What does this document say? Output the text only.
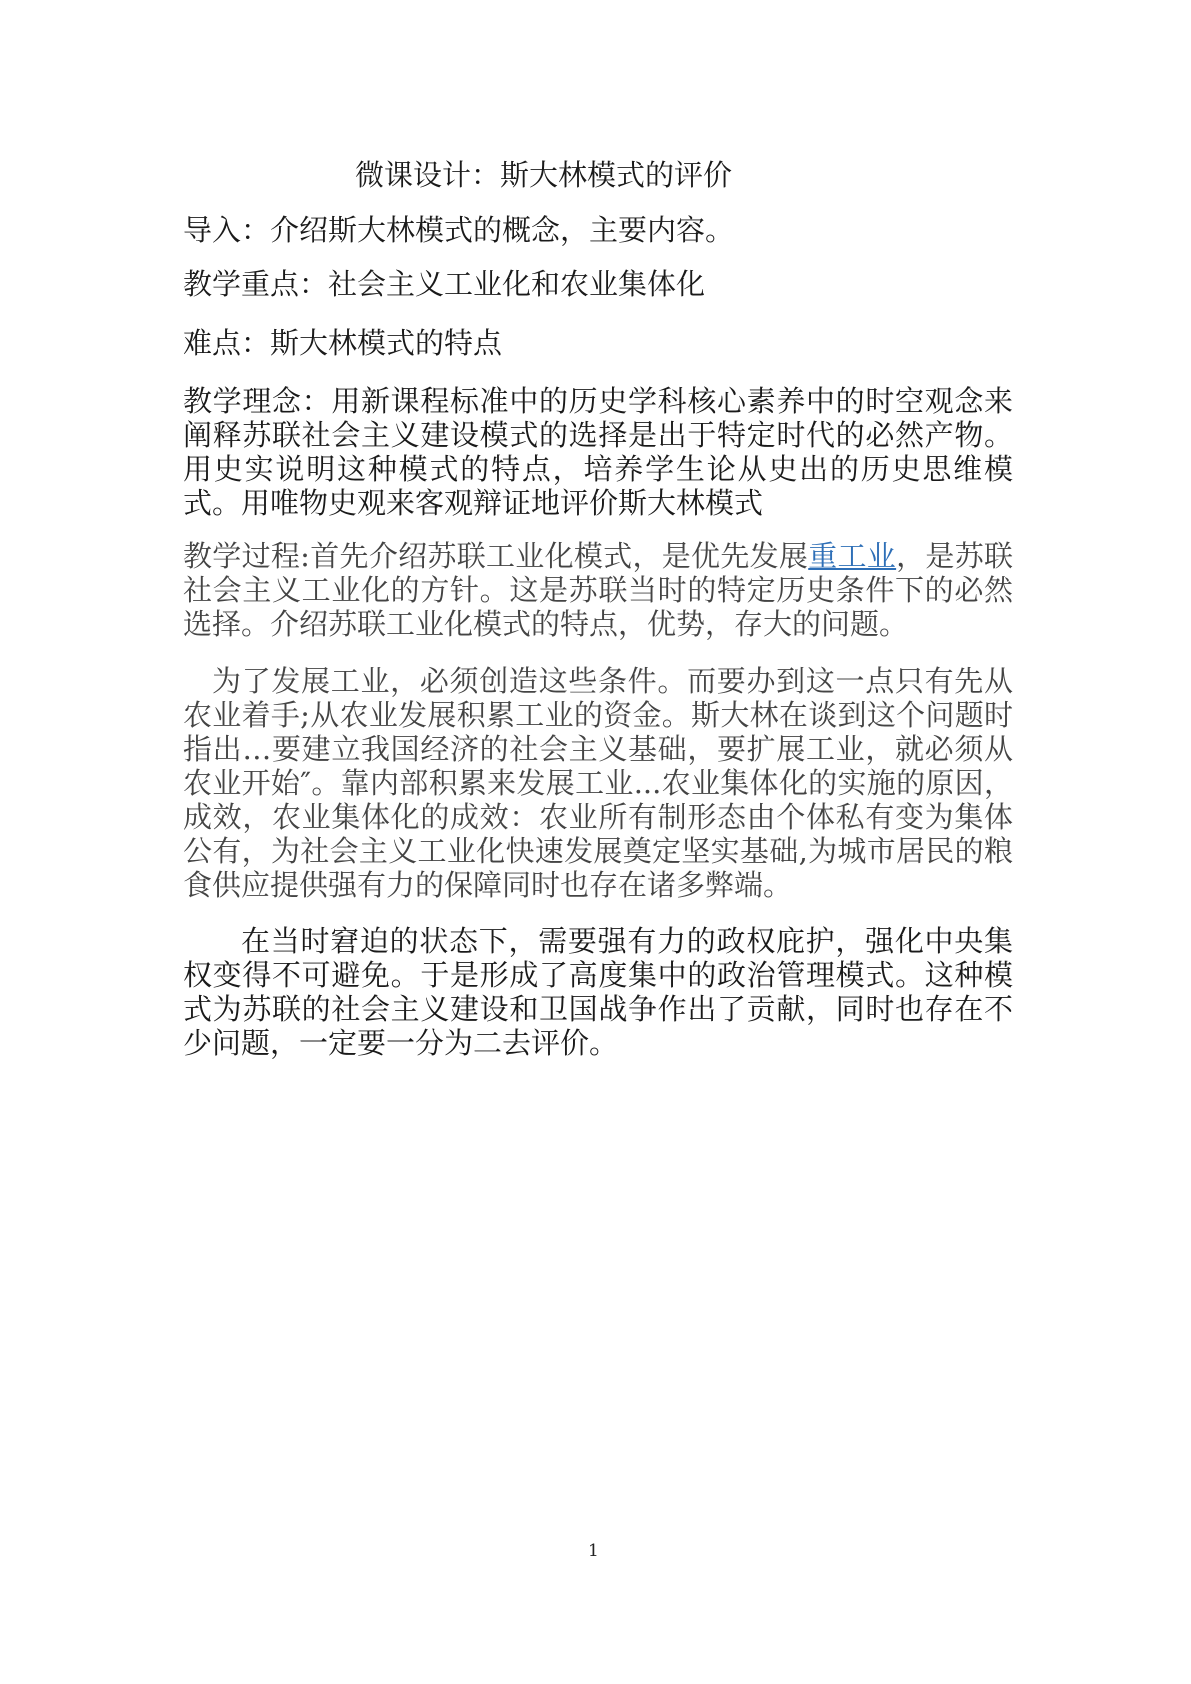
微课设计：斯大林模式的评价

导入：介绍斯大林模式的概念，主要内容。

教学重点：社会主义工业化和农业集体化

难点：斯大林模式的特点

教学理念：用新课程标准中的历史学科核心素养中的时空观念来阐释苏联社会主义建设模式的选择是出于特定时代的必然产物。用史实说明这种模式的特点，培养学生论从史出的历史思维模式。用唯物史观来客观辩证地评价斯大林模式

教学过程:首先介绍苏联工业化模式，是优先发展重工业，是苏联社会主义工业化的方针。这是苏联当时的特定历史条件下的必然选择。介绍苏联工业化模式的特点，优势，存大的问题。

为了发展工业，必须创造这些条件。而要办到这一点只有先从农业着手;从农业发展积累工业的资金。斯大林在谈到这个问题时指出…要建立我国经济的社会主义基础，要扩展工业，就必须从农业开始″。靠内部积累来发展工业...农业集体化的实施的原因，成效，农业集体化的成效：农业所有制形态由个体私有变为集体公有，为社会主义工业化快速发展奠定坚实基础,为城市居民的粮食供应提供强有力的保障同时也存在诸多弊端。

在当时窘迫的状态下，需要强有力的政权庇护，强化中央集权变得不可避免。于是形成了高度集中的政治管理模式。这种模式为苏联的社会主义建设和卫国战争作出了贡献，同时也存在不少问题，一定要一分为二去评价。

1
